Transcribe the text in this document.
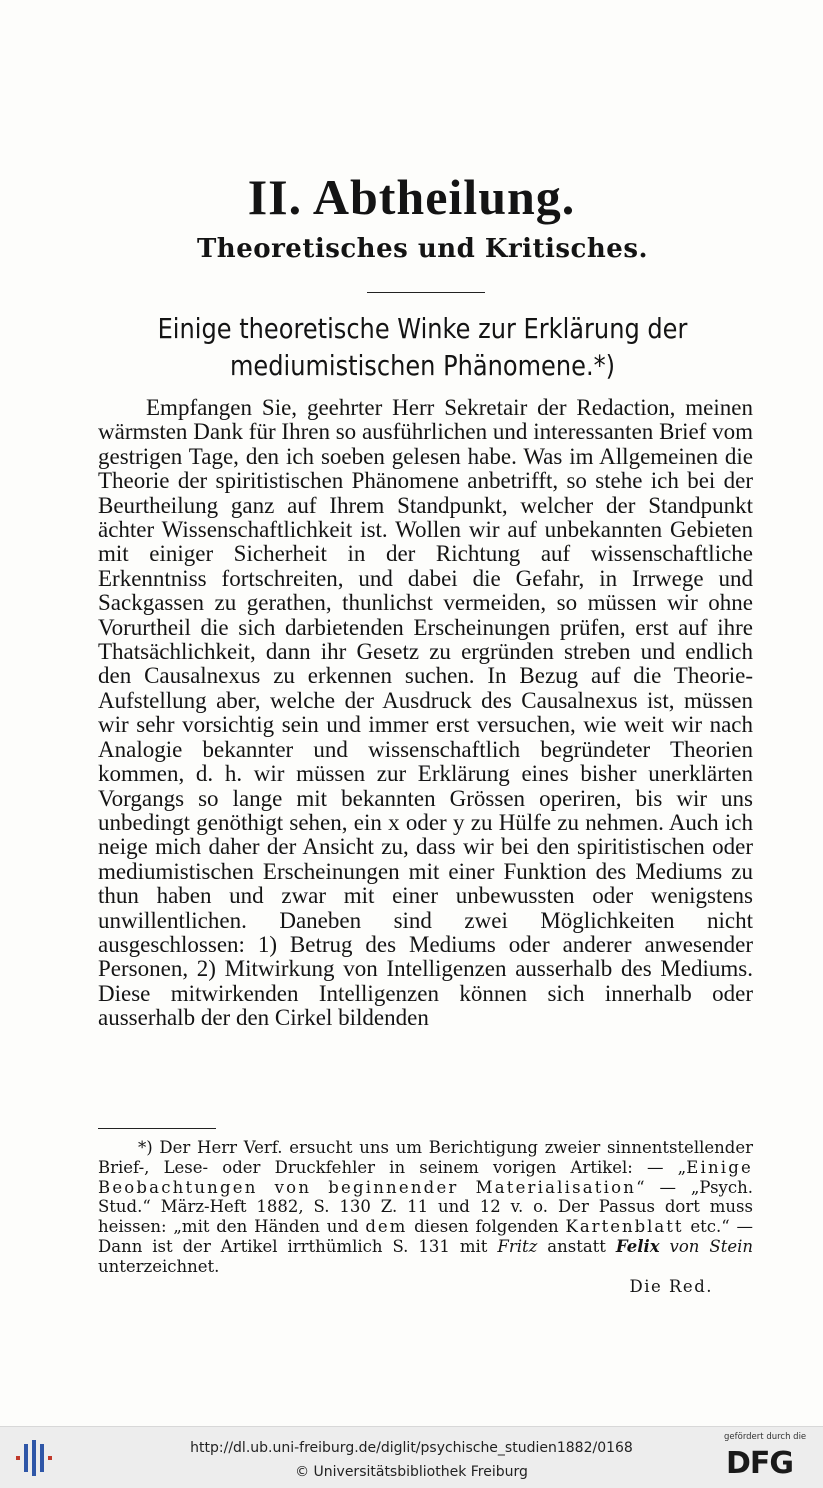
II. Abtheilung.
Theoretisches und Kritisches.
Einige theoretische Winke zur Erklärung der
mediumistischen Phänomene.*)

Empfangen Sie, geehrter Herr Sekretair der Redaction, meinen wärmsten Dank für Ihren so ausführlichen und interessanten Brief vom gestrigen Tage, den ich soeben gelesen habe. Was im Allgemeinen die Theorie der spiritistischen Phänomene anbetrifft, so stehe ich bei der Beurtheilung ganz auf Ihrem Standpunkt, welcher der Standpunkt ächter Wissenschaftlichkeit ist. Wollen wir auf unbekannten Gebieten mit einiger Sicherheit in der Richtung auf wissenschaftliche Erkenntniss fortschreiten, und dabei die Gefahr, in Irrwege und Sackgassen zu gerathen, thunlichst vermeiden, so müssen wir ohne Vorurtheil die sich darbietenden Erscheinungen prüfen, erst auf ihre Thatsächlichkeit, dann ihr Gesetz zu ergründen streben und endlich den Causalnexus zu erkennen suchen. In Bezug auf die Theorie-Aufstellung aber, welche der Ausdruck des Causalnexus ist, müssen wir sehr vorsichtig sein und immer erst versuchen, wie weit wir nach Analogie bekannter und wissenschaftlich begründeter Theorien kommen, d. h. wir müssen zur Erklärung eines bisher unerklärten Vorgangs so lange mit bekannten Grössen operiren, bis wir uns unbedingt genöthigt sehen, ein x oder y zu Hülfe zu nehmen. Auch ich neige mich daher der Ansicht zu, dass wir bei den spiritistischen oder mediumistischen Erscheinungen mit einer Funktion des Mediums zu thun haben und zwar mit einer unbewussten oder wenigstens unwillentlichen. Daneben sind zwei Möglichkeiten nicht ausgeschlossen: 1) Betrug des Mediums oder anderer anwesender Personen, 2) Mitwirkung von Intelligenzen ausserhalb des Mediums. Diese mitwirkenden Intelligenzen können sich innerhalb oder ausserhalb der den Cirkel bildenden

*) Der Herr Verf. ersucht uns um Berichtigung zweier sinnentstellender Brief-, Lese- oder Druckfehler in seinem vorigen Artikel: — „Einige Beobachtungen von beginnender Materialisation“ — „Psych. Stud.“ März-Heft 1882, S. 130 Z. 11 und 12 v. o. Der Passus dort muss heissen: „mit den Händen und dem diesen folgenden Kartenblatt etc.“ — Dann ist der Artikel irrthümlich S. 131 mit Fritz anstatt Felix von Stein unterzeichnet.

Die Red.
http://dl.ub.uni-freiburg.de/diglit/psychische_studien1882/0168
© Universitätsbibliothek Freiburg
gefördert durch die
DFG
